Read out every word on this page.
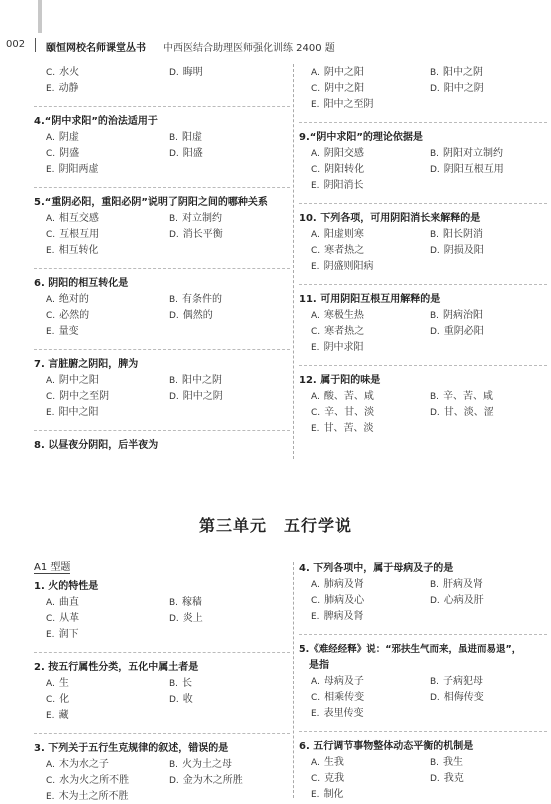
002 颐恒网校名师课堂丛书 中西医结合助理医师强化训练 2400 题
C. 水火	D. 晦明
E. 动静
4.“阴中求阳”的治法适用于
A. 阴虚	B. 阳虚
C. 阴盛	D. 阳盛
E. 阴阳两虚
5.“重阴必阳，重阳必阴”说明了阴阳之间的哪种关系
A. 相互交感	B. 对立制约
C. 互根互用	D. 消长平衡
E. 相互转化
6. 阴阳的相互转化是
A. 绝对的	B. 有条件的
C. 必然的	D. 偶然的
E. 量变
7. 言脏腑之阴阳，脾为
A. 阴中之阳	B. 阳中之阴
C. 阴中之至阴	D. 阳中之阴
E. 阳中之阳
8. 以昼夜分阴阳，后半夜为
A. 阴中之阳	B. 阳中之阴
C. 阴中之阳	D. 阳中之阴
E. 阳中之至阴
9.“阴中求阳”的理论依据是
A. 阴阳交感	B. 阴阳对立制约
C. 阴阳转化	D. 阴阳互根互用
E. 阴阳消长
10. 下列各项，可用阴阳消长来解释的是
A. 阳虚则寒	B. 阳长阴消
C. 寒者热之	D. 阴损及阳
E. 阴盛则阳病
11. 可用阴阳互根互用解释的是
A. 寒极生热	B. 阴病治阳
C. 寒者热之	D. 重阴必阳
E. 阴中求阳
12. 属于阳的味是
A. 酸、苦、咸	B. 辛、苦、咸
C. 辛、甘、淡	D. 甘、淡、涩
E. 甘、苦、淡
第三单元　五行学说
A1 型题
1. 火的特性是
A. 曲直	B. 稼穑
C. 从革	D. 炎上
E. 润下
2. 按五行属性分类，五化中属土者是
A. 生	B. 长
C. 化	D. 收
E. 藏
3. 下列关于五行生克规律的叙述，错误的是
A. 木为水之子	B. 火为土之母
C. 水为火之所不胜	D. 金为木之所胜
E. 木为土之所不胜
4. 下列各项中，属于母病及子的是
A. 肺病及肾	B. 肝病及肾
C. 肺病及心	D. 心病及肝
E. 脾病及肾
5.《难经经释》说：“邪扶生气而来，虽进而易退”，
是指
A. 母病及子	B. 子病犯母
C. 相乘传变	D. 相侮传变
E. 表里传变
6. 五行调节事物整体动态平衡的机制是
A. 生我	B. 我生
C. 克我	D. 我克
E. 制化
